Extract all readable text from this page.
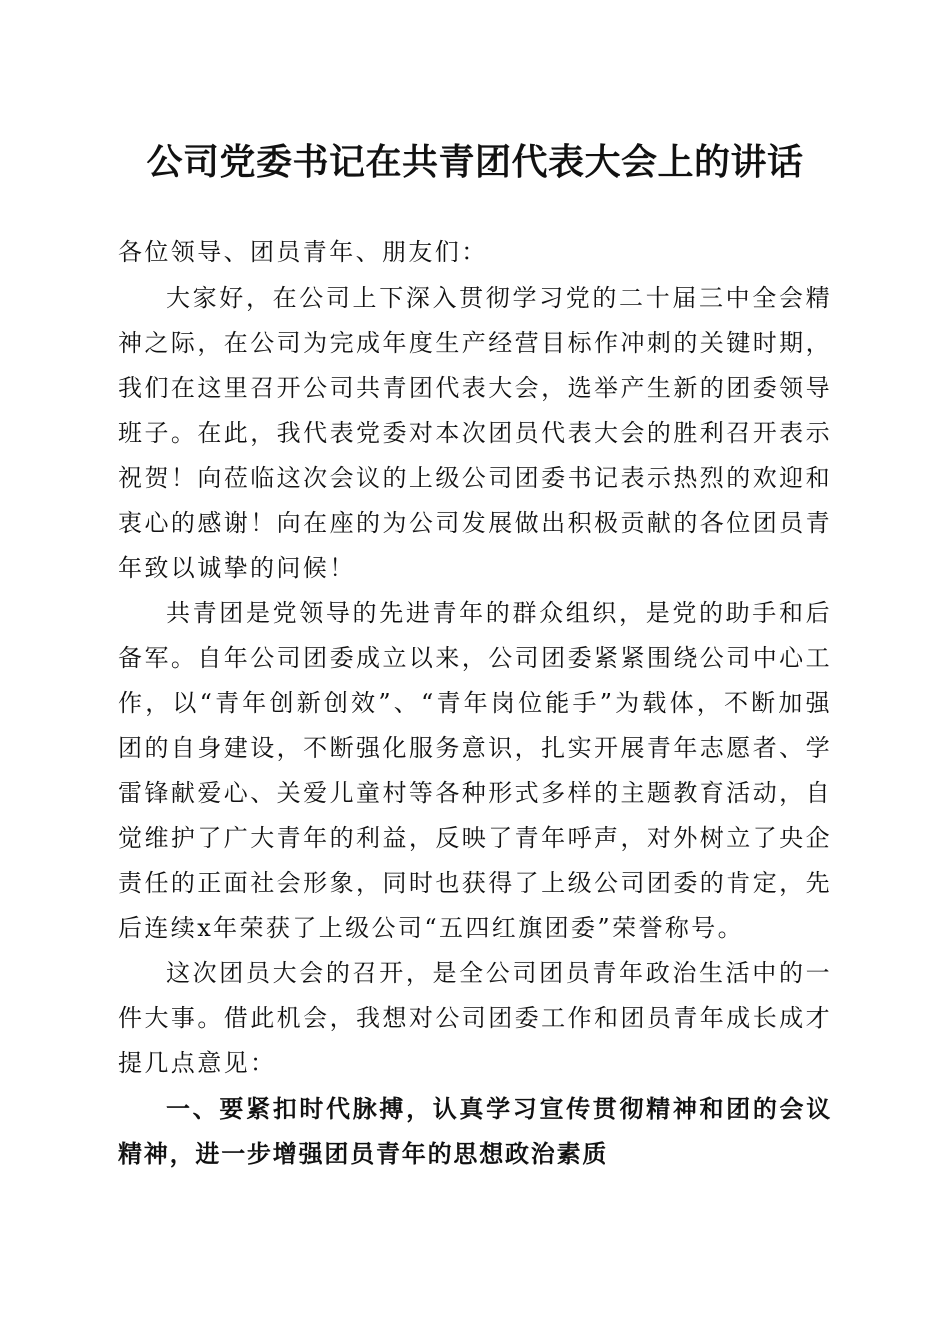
公司党委书记在共青团代表大会上的讲话

各位领导、团员青年、朋友们：

大家好，在公司上下深入贯彻学习党的二十届三中全会精神之际，在公司为完成年度生产经营目标作冲刺的关键时期，我们在这里召开公司共青团代表大会，选举产生新的团委领导班子。在此，我代表党委对本次团员代表大会的胜利召开表示祝贺！向莅临这次会议的上级公司团委书记表示热烈的欢迎和衷心的感谢！向在座的为公司发展做出积极贡献的各位团员青年致以诚挚的问候！

共青团是党领导的先进青年的群众组织，是党的助手和后备军。自年公司团委成立以来，公司团委紧紧围绕公司中心工作，以“青年创新创效”、“青年岗位能手”为载体，不断加强团的自身建设，不断强化服务意识，扎实开展青年志愿者、学雷锋献爱心、关爱儿童村等各种形式多样的主题教育活动，自觉维护了广大青年的利益，反映了青年呼声，对外树立了央企责任的正面社会形象，同时也获得了上级公司团委的肯定，先后连续x年荣获了上级公司“五四红旗团委”荣誉称号。

这次团员大会的召开，是全公司团员青年政治生活中的一件大事。借此机会，我想对公司团委工作和团员青年成长成才提几点意见：

一、要紧扣时代脉搏，认真学习宣传贯彻精神和团的会议精神，进一步增强团员青年的思想政治素质
